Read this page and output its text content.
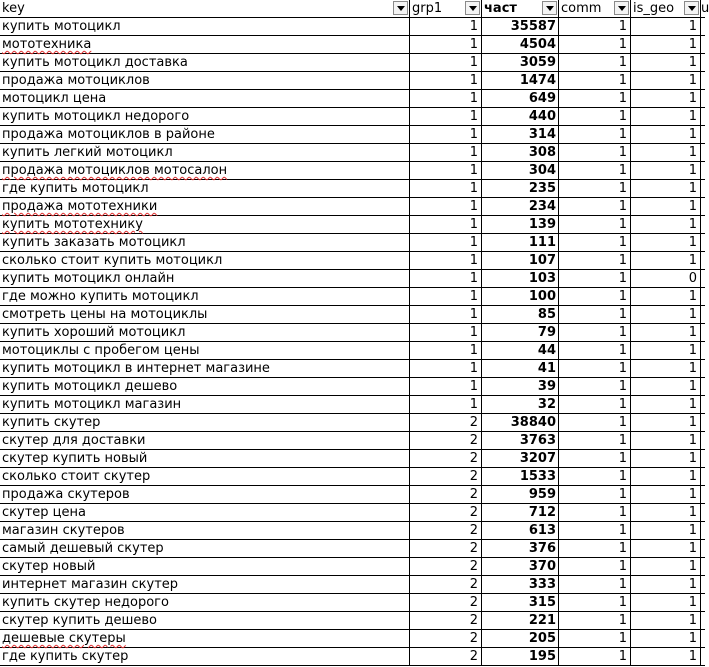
key	grp1	част	comm	is_geo	u
купить мотоцикл	1	35587	1	1
мототехника	1	4504	1	1
купить мотоцикл доставка	1	3059	1	1
продажа мотоциклов	1	1474	1	1
мотоцикл цена	1	649	1	1
купить мотоцикл недорого	1	440	1	1
продажа мотоциклов в районе	1	314	1	1
купить легкий мотоцикл	1	308	1	1
продажа мотоциклов мотосалон	1	304	1	1
где купить мотоцикл	1	235	1	1
продажа мототехники	1	234	1	1
купить мототехнику	1	139	1	1
купить заказать мотоцикл	1	111	1	1
сколько стоит купить мотоцикл	1	107	1	1
купить мотоцикл онлайн	1	103	1	0
где можно купить мотоцикл	1	100	1	1
смотреть цены на мотоциклы	1	85	1	1
купить хороший мотоцикл	1	79	1	1
мотоциклы с пробегом цены	1	44	1	1
купить мотоцикл в интернет магазине	1	41	1	1
купить мотоцикл дешево	1	39	1	1
купить мотоцикл магазин	1	32	1	1
купить скутер	2	38840	1	1
скутер для доставки	2	3763	1	1
скутер купить новый	2	3207	1	1
сколько стоит скутер	2	1533	1	1
продажа скутеров	2	959	1	1
скутер цена	2	712	1	1
магазин скутеров	2	613	1	1
самый дешевый скутер	2	376	1	1
скутер новый	2	370	1	1
интернет магазин скутер	2	333	1	1
купить скутер недорого	2	315	1	1
скутер купить дешево	2	221	1	1
дешевые скутеры	2	205	1	1
где купить скутер	2	195	1	1
